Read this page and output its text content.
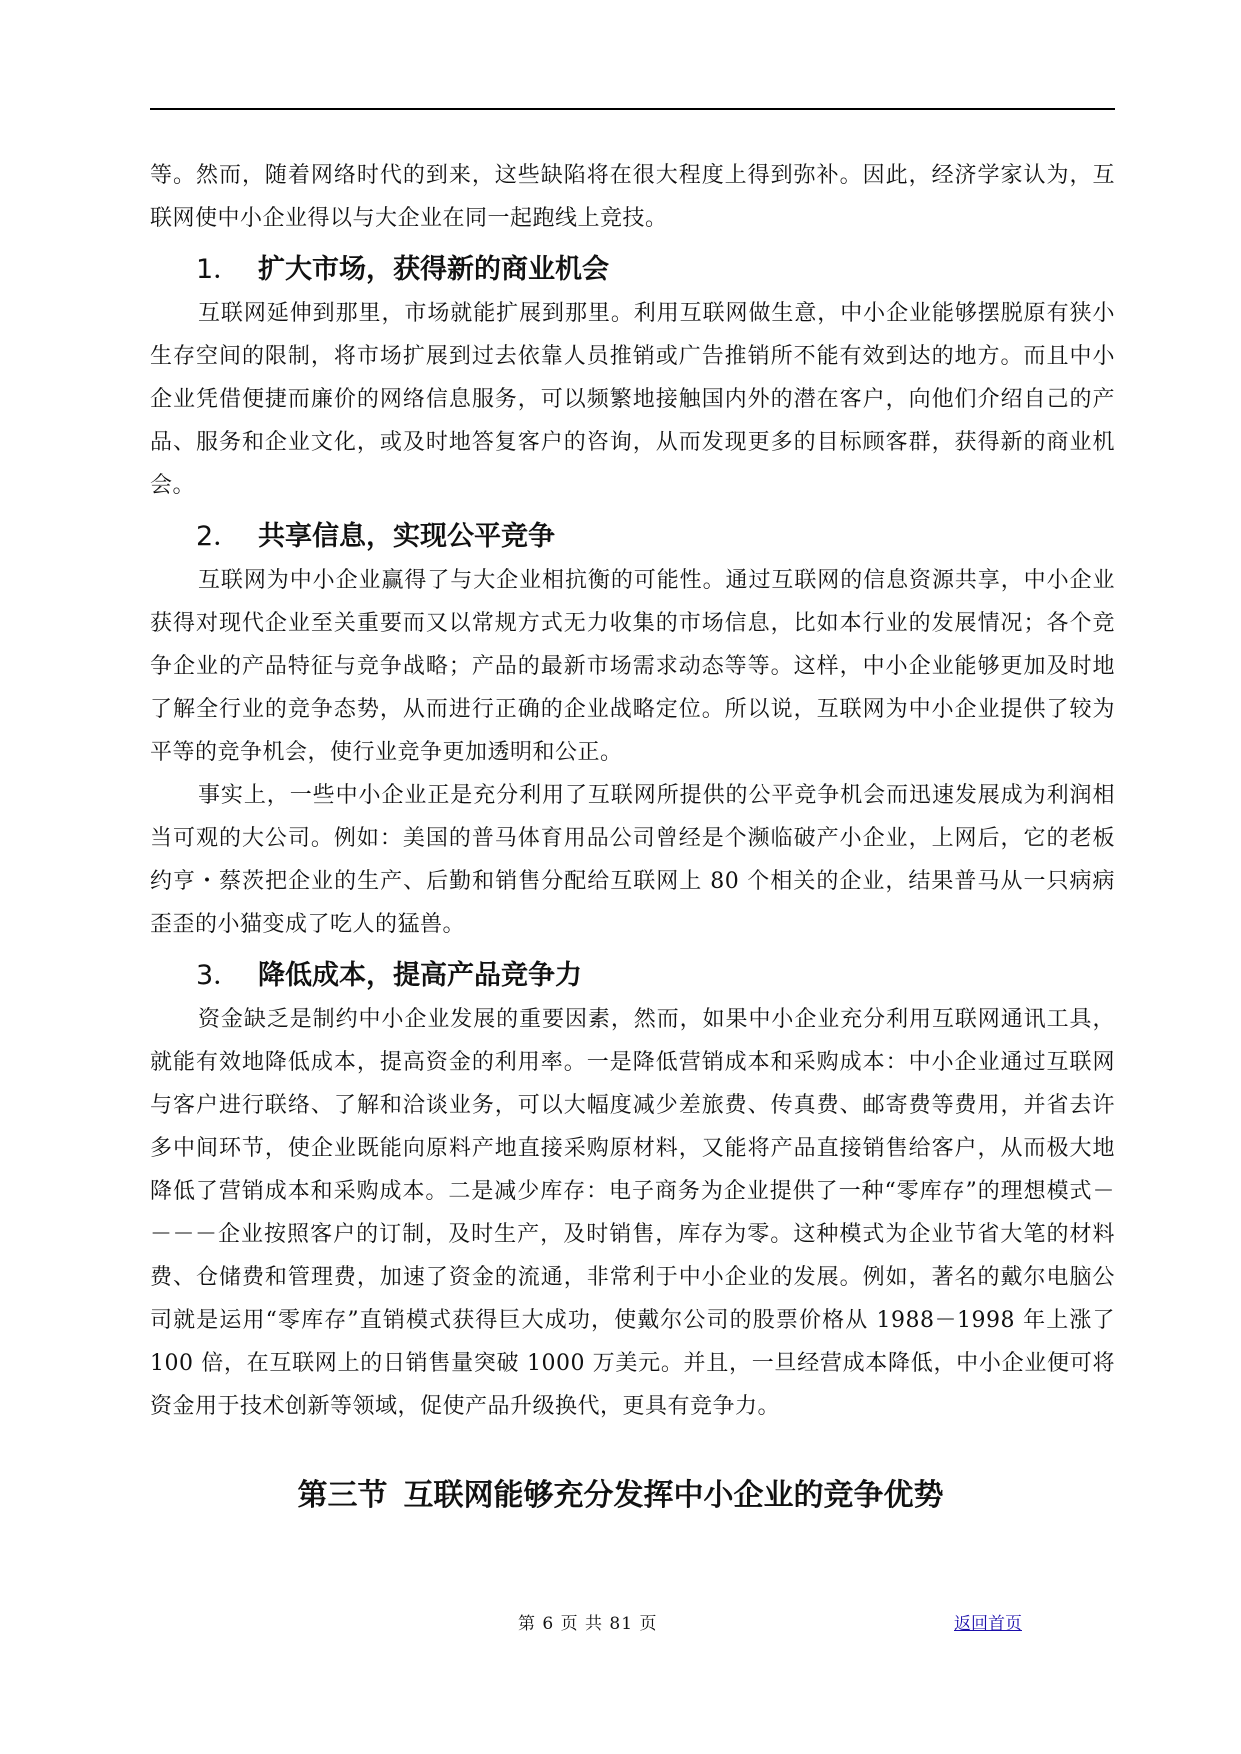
等。然而，随着网络时代的到来，这些缺陷将在很大程度上得到弥补。因此，经济学家认为，互联网使中小企业得以与大企业在同一起跑线上竞技。

1． 扩大市场，获得新的商业机会

互联网延伸到那里，市场就能扩展到那里。利用互联网做生意，中小企业能够摆脱原有狭小生存空间的限制，将市场扩展到过去依靠人员推销或广告推销所不能有效到达的地方。而且中小企业凭借便捷而廉价的网络信息服务，可以频繁地接触国内外的潜在客户，向他们介绍自己的产品、服务和企业文化，或及时地答复客户的咨询，从而发现更多的目标顾客群，获得新的商业机会。

2． 共享信息，实现公平竞争

互联网为中小企业赢得了与大企业相抗衡的可能性。通过互联网的信息资源共享，中小企业获得对现代企业至关重要而又以常规方式无力收集的市场信息，比如本行业的发展情况；各个竞争企业的产品特征与竞争战略；产品的最新市场需求动态等等。这样，中小企业能够更加及时地了解全行业的竞争态势，从而进行正确的企业战略定位。所以说，互联网为中小企业提供了较为平等的竞争机会，使行业竞争更加透明和公正。

事实上，一些中小企业正是充分利用了互联网所提供的公平竞争机会而迅速发展成为利润相当可观的大公司。例如：美国的普马体育用品公司曾经是个濒临破产小企业，上网后，它的老板约亨・蔡茨把企业的生产、后勤和销售分配给互联网上 80 个相关的企业，结果普马从一只病病歪歪的小猫变成了吃人的猛兽。

3． 降低成本，提高产品竞争力

资金缺乏是制约中小企业发展的重要因素，然而，如果中小企业充分利用互联网通讯工具，就能有效地降低成本，提高资金的利用率。一是降低营销成本和采购成本：中小企业通过互联网与客户进行联络、了解和洽谈业务，可以大幅度减少差旅费、传真费、邮寄费等费用，并省去许多中间环节，使企业既能向原料产地直接采购原材料，又能将产品直接销售给客户，从而极大地降低了营销成本和采购成本。二是减少库存：电子商务为企业提供了一种“零库存”的理想模式－－－－企业按照客户的订制，及时生产，及时销售，库存为零。这种模式为企业节省大笔的材料费、仓储费和管理费，加速了资金的流通，非常利于中小企业的发展。例如，著名的戴尔电脑公司就是运用“零库存”直销模式获得巨大成功，使戴尔公司的股票价格从 1988－1998 年上涨了 100 倍，在互联网上的日销售量突破 1000 万美元。并且，一旦经营成本降低，中小企业便可将资金用于技术创新等领域，促使产品升级换代，更具有竞争力。

第三节 互联网能够充分发挥中小企业的竞争优势
第 6 页 共 81 页	返回首页
